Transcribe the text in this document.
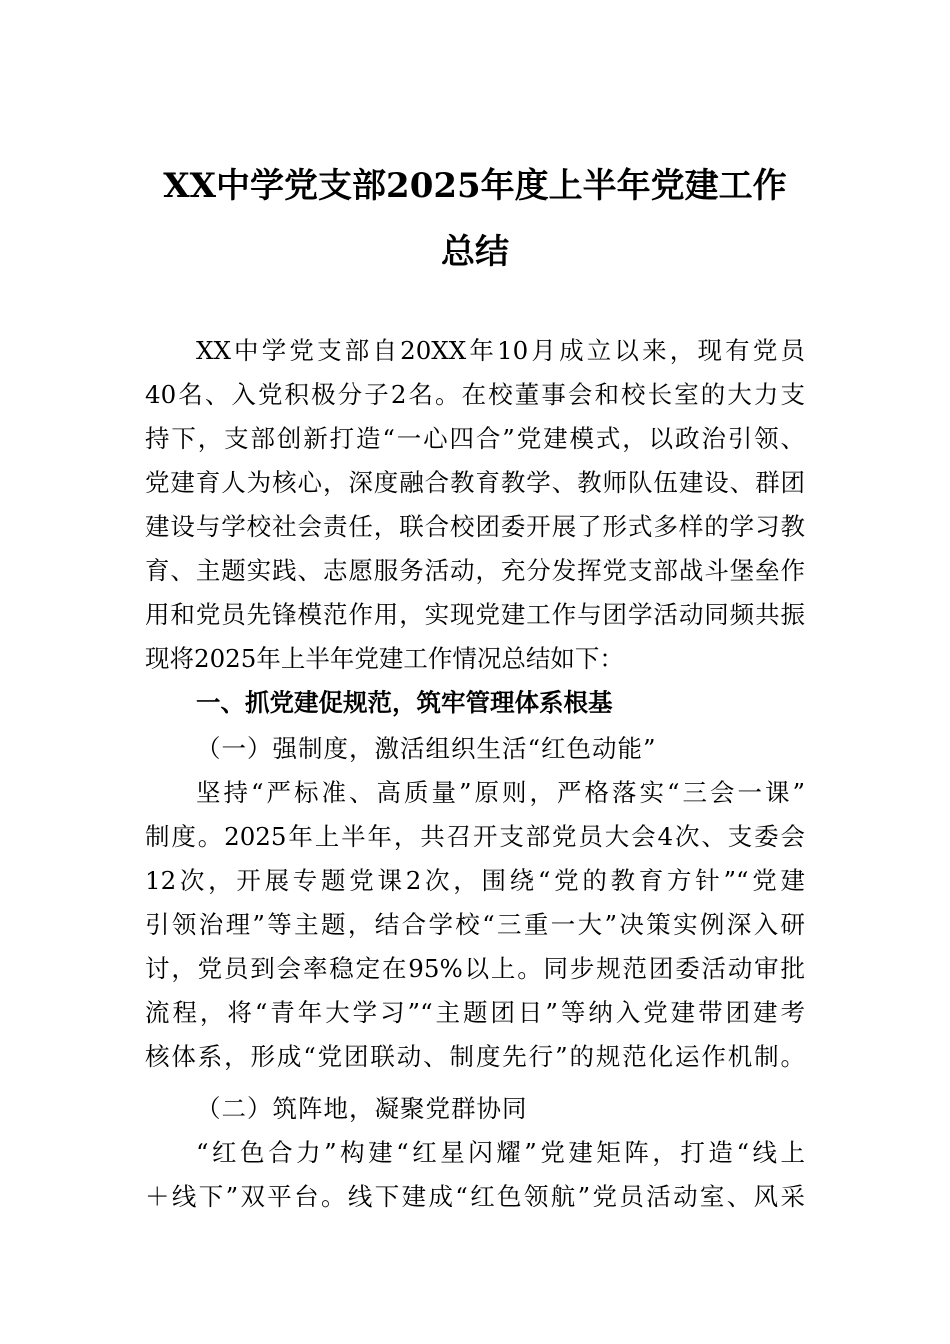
XX中学党支部2025年度上半年党建工作
总结
XX中学党支部自20XX年10月成立以来，现有党员
40名、入党积极分子2名。在校董事会和校长室的大力支
持下，支部创新打造“一心四合”党建模式，以政治引领、
党建育人为核心，深度融合教育教学、教师队伍建设、群团
建设与学校社会责任，联合校团委开展了形式多样的学习教
育、主题实践、志愿服务活动，充分发挥党支部战斗堡垒作
用和党员先锋模范作用，实现党建工作与团学活动同频共振
现将2025年上半年党建工作情况总结如下：
一、抓党建促规范，筑牢管理体系根基
（一）强制度，激活组织生活“红色动能”
坚持“严标准、高质量”原则，严格落实“三会一课”
制度。2025年上半年，共召开支部党员大会4次、支委会
12次，开展专题党课2次，围绕“党的教育方针”“党建
引领治理”等主题，结合学校“三重一大”决策实例深入研
讨，党员到会率稳定在95%以上。同步规范团委活动审批
流程，将“青年大学习”“主题团日”等纳入党建带团建考
核体系，形成“党团联动、制度先行”的规范化运作机制。
（二）筑阵地，凝聚党群协同
“红色合力”构建“红星闪耀”党建矩阵，打造“线上
＋线下”双平台。线下建成“红色领航”党员活动室、风采
